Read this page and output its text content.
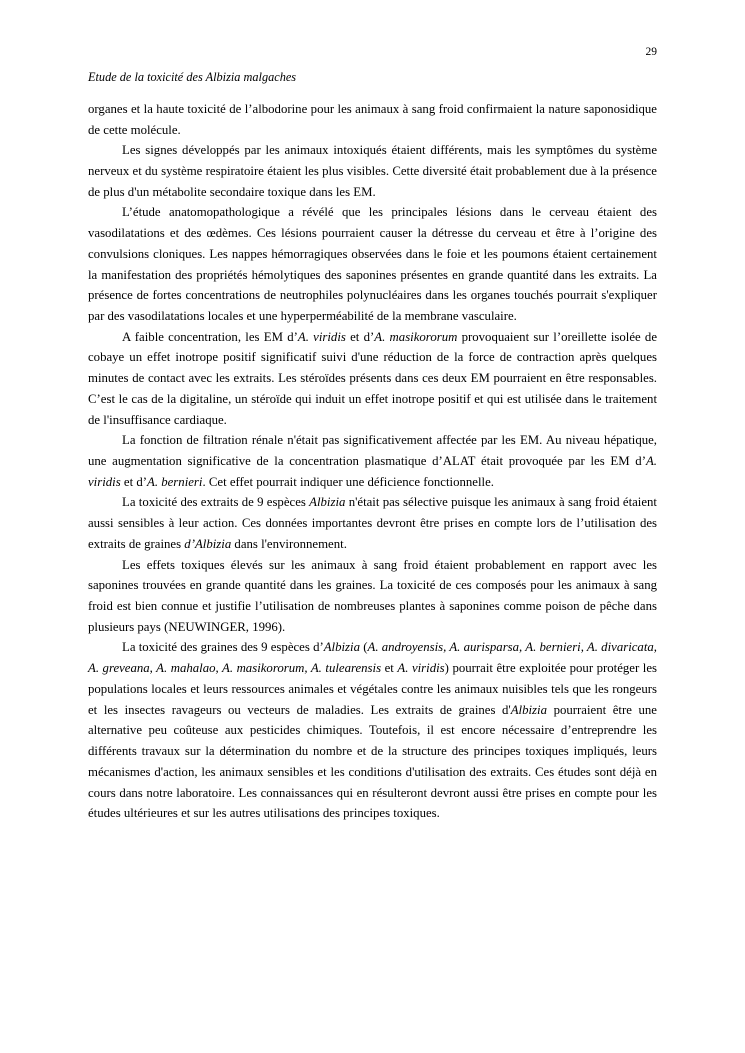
29
Etude de la toxicité des Albizia malgaches

organes et la haute toxicité de l’albodorine pour les animaux à sang froid confirmaient la nature saponosidique de cette molécule.

Les signes développés par les animaux intoxiqués étaient différents, mais les symptômes du système nerveux et du système respiratoire étaient les plus visibles. Cette diversité était probablement due à la présence de plus d'un métabolite secondaire toxique dans les EM.

L’étude anatomopathologique a révélé que les principales lésions dans le cerveau étaient des vasodilatations et des œdèmes. Ces lésions pourraient causer la détresse du cerveau et être à l’origine des convulsions cloniques. Les nappes hémorragiques observées dans le foie et les poumons étaient certainement la manifestation des propriétés hémolytiques des saponines présentes en grande quantité dans les extraits. La présence de fortes concentrations de neutrophiles polynucléaires dans les organes touchés pourrait s'expliquer par des vasodilatations locales et une hyperperméabilité de la membrane vasculaire.

A faible concentration, les EM d’A. viridis et d’A. masikororum provoquaient sur l’oreillette isolée de cobaye un effet inotrope positif significatif suivi d'une réduction de la force de contraction après quelques minutes de contact avec les extraits. Les stéroïdes présents dans ces deux EM pourraient en être responsables. C’est le cas de la digitaline, un stéroïde qui induit un effet inotrope positif et qui est utilisée dans le traitement de l'insuffisance cardiaque.

La fonction de filtration rénale n'était pas significativement affectée par les EM. Au niveau hépatique, une augmentation significative de la concentration plasmatique d’ALAT était provoquée par les EM d’A. viridis et d’A. bernieri. Cet effet pourrait indiquer une déficience fonctionnelle.

La toxicité des extraits de 9 espèces Albizia n'était pas sélective puisque les animaux à sang froid étaient aussi sensibles à leur action. Ces données importantes devront être prises en compte lors de l’utilisation des extraits de graines d’Albizia dans l'environnement.

Les effets toxiques élevés sur les animaux à sang froid étaient probablement en rapport avec les saponines trouvées en grande quantité dans les graines. La toxicité de ces composés pour les animaux à sang froid est bien connue et justifie l’utilisation de nombreuses plantes à saponines comme poison de pêche dans plusieurs pays (NEUWINGER, 1996).

La toxicité des graines des 9 espèces d’Albizia (A. androyensis, A. aurisparsa, A. bernieri, A. divaricata, A. greveana, A. mahalao, A. masikororum, A. tulearensis et A. viridis) pourrait être exploitée pour protéger les populations locales et leurs ressources animales et végétales contre les animaux nuisibles tels que les rongeurs et les insectes ravageurs ou vecteurs de maladies. Les extraits de graines d'Albizia pourraient être une alternative peu coûteuse aux pesticides chimiques. Toutefois, il est encore nécessaire d’entreprendre les différents travaux sur la détermination du nombre et de la structure des principes toxiques impliqués, leurs mécanismes d'action, les animaux sensibles et les conditions d'utilisation des extraits. Ces études sont déjà en cours dans notre laboratoire. Les connaissances qui en résulteront devront aussi être prises en compte pour les études ultérieures et sur les autres utilisations des principes toxiques.
